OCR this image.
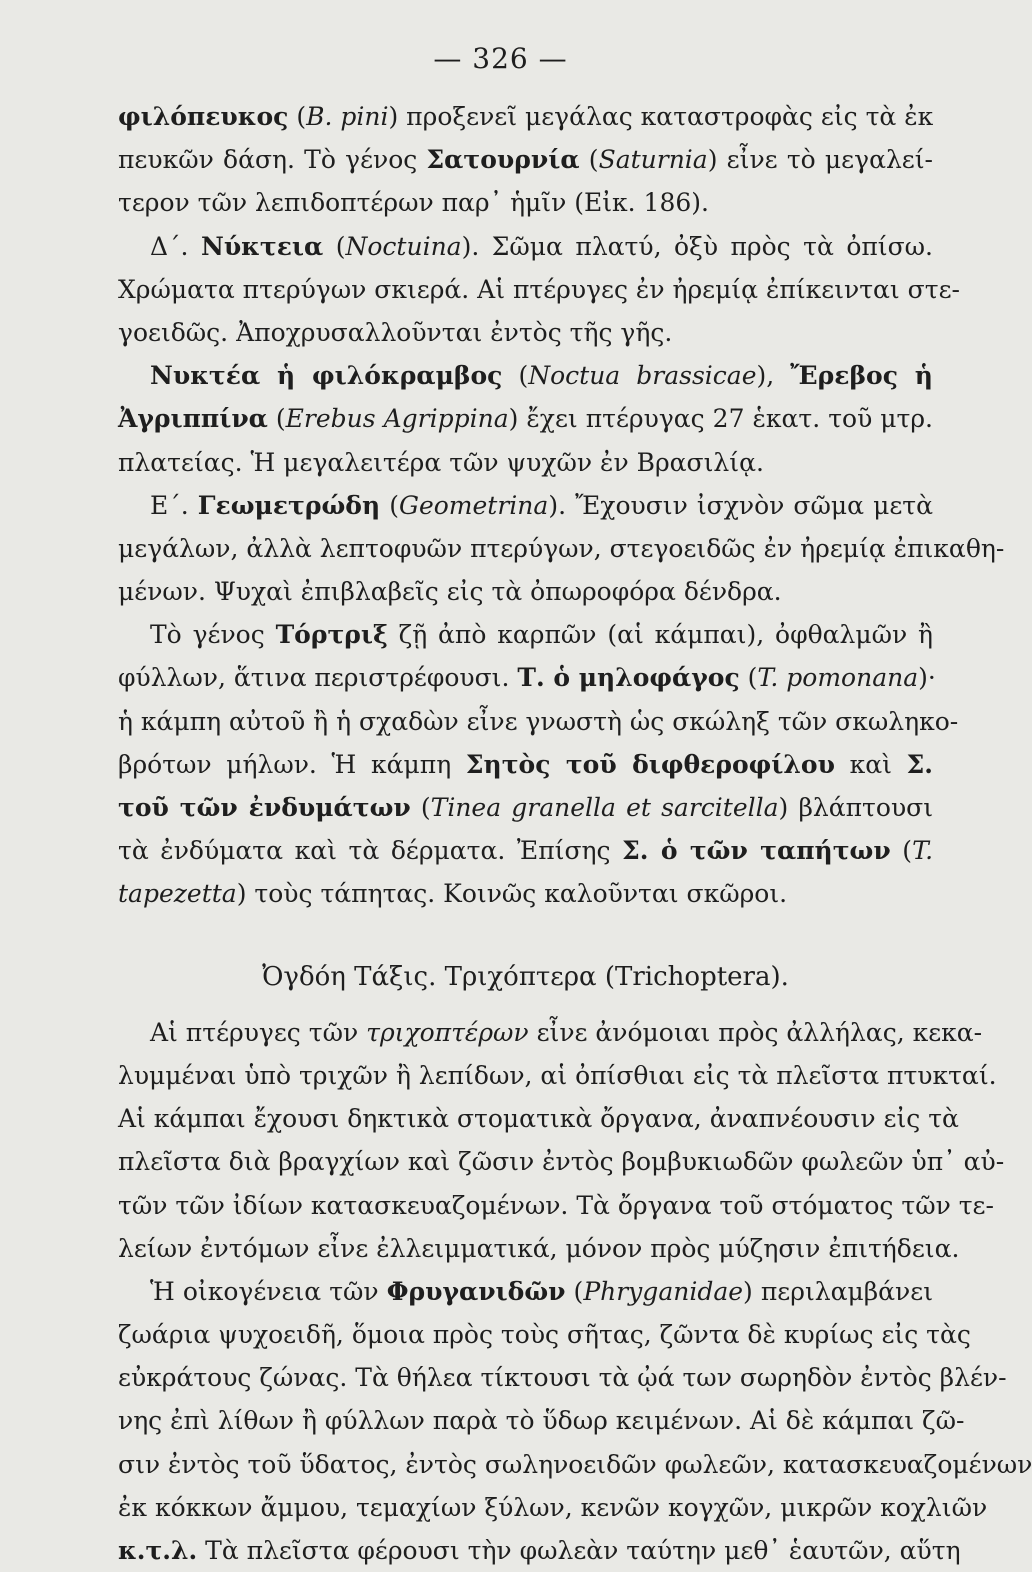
— 326 —
φιλόπευκος (B. pini) προξενεῖ μεγάλας καταστροφὰς εἰς τὰ ἐκ
πευκῶν δάση. Τὸ γένος Σατουρνία (Saturnia) εἶνε τὸ μεγαλεί-
τερον τῶν λεπιδοπτέρων παρ᾽ ἡμῖν (Εἰκ. 186).
Δ΄. Νύκτεια (Noctuina). Σῶμα πλατύ, ὀξὺ πρὸς τὰ ὀπίσω.
Χρώματα πτερύγων σκιερά. Αἱ πτέρυγες ἐν ἠρεμίᾳ ἐπίκεινται στε-
γοειδῶς. Ἀποχρυσαλλοῦνται ἐντὸς τῆς γῆς.
Νυκτέα ἡ φιλόκραμβος (Noctua brassicae), Ἔρεβος ἡ
Ἀγριππίνα (Erebus Agrippina) ἔχει πτέρυγας 27 ἑκατ. τοῦ μτρ.
πλατείας. Ἡ μεγαλειτέρα τῶν ψυχῶν ἐν Βρασιλίᾳ.
Ε΄. Γεωμετρώδη (Geometrina). Ἔχουσιν ἰσχνὸν σῶμα μετὰ
μεγάλων, ἀλλὰ λεπτοφυῶν πτερύγων, στεγοειδῶς ἐν ἠρεμίᾳ ἐπικαθη-
μένων. Ψυχαὶ ἐπιβλαβεῖς εἰς τὰ ὀπωροφόρα δένδρα.
Τὸ γένος Τόρτριξ ζῇ ἀπὸ καρπῶν (αἱ κάμπαι), ὀφθαλμῶν ἢ
φύλλων, ἅτινα περιστρέφουσι. Τ. ὁ μηλοφάγος (T. pomonana)·
ἡ κάμπη αὐτοῦ ἢ ἡ σχαδὼν εἶνε γνωστὴ ὡς σκώληξ τῶν σκωληκο-
βρότων μήλων. Ἡ κάμπη Σητὸς τοῦ διφθεροφίλου καὶ Σ.
τοῦ τῶν ἐνδυμάτων (Tinea granella et sarcitella) βλάπτουσι
τὰ ἐνδύματα καὶ τὰ δέρματα. Ἐπίσης Σ. ὁ τῶν ταπήτων (T.
tapezetta) τοὺς τάπητας. Κοινῶς καλοῦνται σκῶροι.
Ὀγδόη Τάξις. Τριχόπτερα (Trichoptera).
Αἱ πτέρυγες τῶν τριχοπτέρων εἶνε ἀνόμοιαι πρὸς ἀλλήλας, κεκα-
λυμμέναι ὑπὸ τριχῶν ἢ λεπίδων, αἱ ὀπίσθιαι εἰς τὰ πλεῖστα πτυκταί.
Αἱ κάμπαι ἔχουσι δηκτικὰ στοματικὰ ὄργανα, ἀναπνέουσιν εἰς τὰ
πλεῖστα διὰ βραγχίων καὶ ζῶσιν ἐντὸς βομβυκιωδῶν φωλεῶν ὑπ᾽ αὐ-
τῶν τῶν ἰδίων κατασκευαζομένων. Τὰ ὄργανα τοῦ στόματος τῶν τε-
λείων ἐντόμων εἶνε ἐλλειμματικά, μόνον πρὸς μύζησιν ἐπιτήδεια.
Ἡ οἰκογένεια τῶν Φρυγανιδῶν (Phryganidae) περιλαμβάνει
ζωάρια ψυχοειδῆ, ὅμοια πρὸς τοὺς σῆτας, ζῶντα δὲ κυρίως εἰς τὰς
εὐκράτους ζώνας. Τὰ θήλεα τίκτουσι τὰ ᾠά των σωρηδὸν ἐντὸς βλέν-
νης ἐπὶ λίθων ἢ φύλλων παρὰ τὸ ὕδωρ κειμένων. Αἱ δὲ κάμπαι ζῶ-
σιν ἐντὸς τοῦ ὕδατος, ἐντὸς σωληνοειδῶν φωλεῶν, κατασκευαζομένων
ἐκ κόκκων ἄμμου, τεμαχίων ξύλων, κενῶν κογχῶν, μικρῶν κοχλιῶν
κ.τ.λ. Τὰ πλεῖστα φέρουσι τὴν φωλεὰν ταύτην μεθ᾽ ἑαυτῶν, αὕτη
